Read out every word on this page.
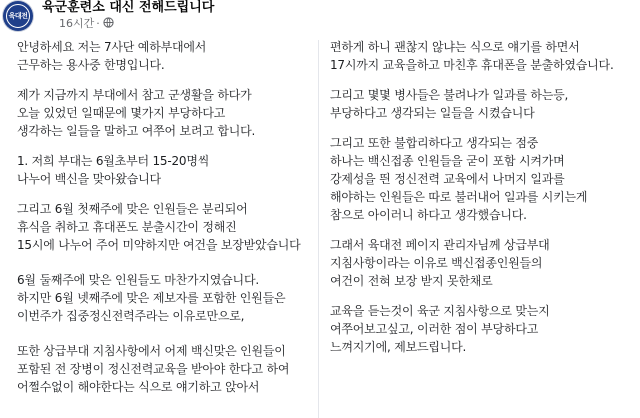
육대전
육군훈련소 대신 전해드립니다
16시간 ·

안녕하세요 저는 7사단 예하부대에서
근무하는 용사중 한명입니다.

제가 지금까지 부대에서 참고 군생활을 하다가
오늘 있었던 일때문에 몇가지 부당하다고
생각하는 일들을 말하고 여쭈어 보려고 합니다.

1. 저희 부대는 6월초부터 15-20명씩
나누어 백신을 맞아왔습니다

그리고 6월 첫째주에 맞은 인원들은 분리되어
휴식을 취하고 휴대폰도 분출시간이 정해진
15시에 나누어 주어 미약하지만 여건을 보장받았습니다

6월 둘째주에 맞은 인원들도 마찬가지였습니다.
하지만 6월 넷째주에 맞은 제보자를 포함한 인원들은
이번주가 집중정신전력주라는 이유로만으로,

또한 상급부대 지침사항에서 어제 백신맞은 인원들이
포함된 전 장병이 정신전력교육을 받아야 한다고 하여
어쩔수없이 해야한다는 식으로 얘기하고 앉아서

편하게 하니 괜찮지 않냐는 식으로 얘기를 하면서
17시까지 교육을하고 마친후 휴대폰을 분출하였습니다.

그리고 몇몇 병사들은 불려나가 일과를 하는등,
부당하다고 생각되는 일들을 시켰습니다

그리고 또한 불합리하다고 생각되는 점중
하나는 백신접종 인원들을 굳이 포함 시켜가며
강제성을 띈 정신전력 교육에서 나머지 일과를
해야하는 인원들은 따로 불러내어 일과를 시키는게
참으로 아이러니 하다고 생각했습니다.

그래서 육대전 페이지 관리자님께 상급부대
지침사항이라는 이유로 백신접종인원들의
여건이 전혀 보장 받지 못한채로

교육을 듣는것이 육군 지침사항으로 맞는지
여쭈어보고싶고, 이러한 점이 부당하다고
느껴지기에, 제보드립니다.
